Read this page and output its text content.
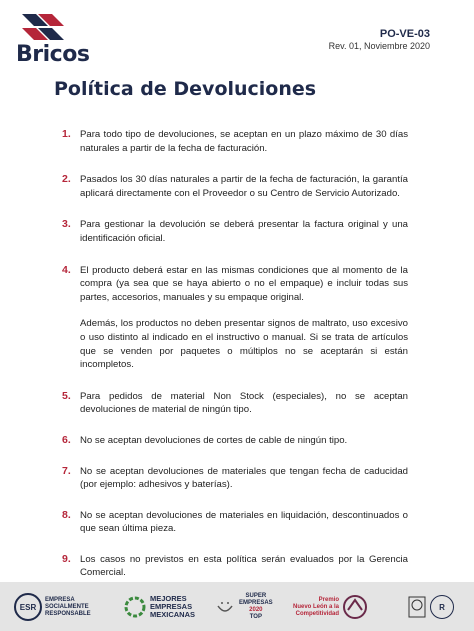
Bricos
PO-VE-03
Rev. 01, Noviembre 2020
Política de Devoluciones
1. Para todo tipo de devoluciones, se aceptan en un plazo máximo de 30 días naturales a partir de la fecha de facturación.

2. Pasados los 30 días naturales a partir de la fecha de facturación, la garantía aplicará directamente con el Proveedor o su Centro de Servicio Autorizado.

3. Para gestionar la devolución se deberá presentar la factura original y una identificación oficial.

4. El producto deberá estar en las mismas condiciones que al momento de la compra (ya sea que se haya abierto o no el empaque) e incluir todas sus partes, accesorios, manuales y su empaque original.

Además, los productos no deben presentar signos de maltrato, uso excesivo o uso distinto al indicado en el instructivo o manual. Si se trata de artículos que se venden por paquetes o múltiplos no se aceptarán si están incompletos.

5. Para pedidos de material Non Stock (especiales), no se aceptan devoluciones de material de ningún tipo.

6. No se aceptan devoluciones de cortes de cable de ningún tipo.

7. No se aceptan devoluciones de materiales que tengan fecha de caducidad (por ejemplo: adhesivos y baterías).

8. No se aceptan devoluciones de materiales en liquidación, descontinuados o que sean última pieza.

9. Los casos no previstos en esta política serán evaluados por la Gerencia Comercial.

ESR
EMPRESA
SOCIALMENTE
RESPONSABLE
MEJORES
EMPRESAS
MEXICANAS
SUPER
EMPRESAS
2020
TOP
Premio
Nuevo León a la
Competitividad
R
